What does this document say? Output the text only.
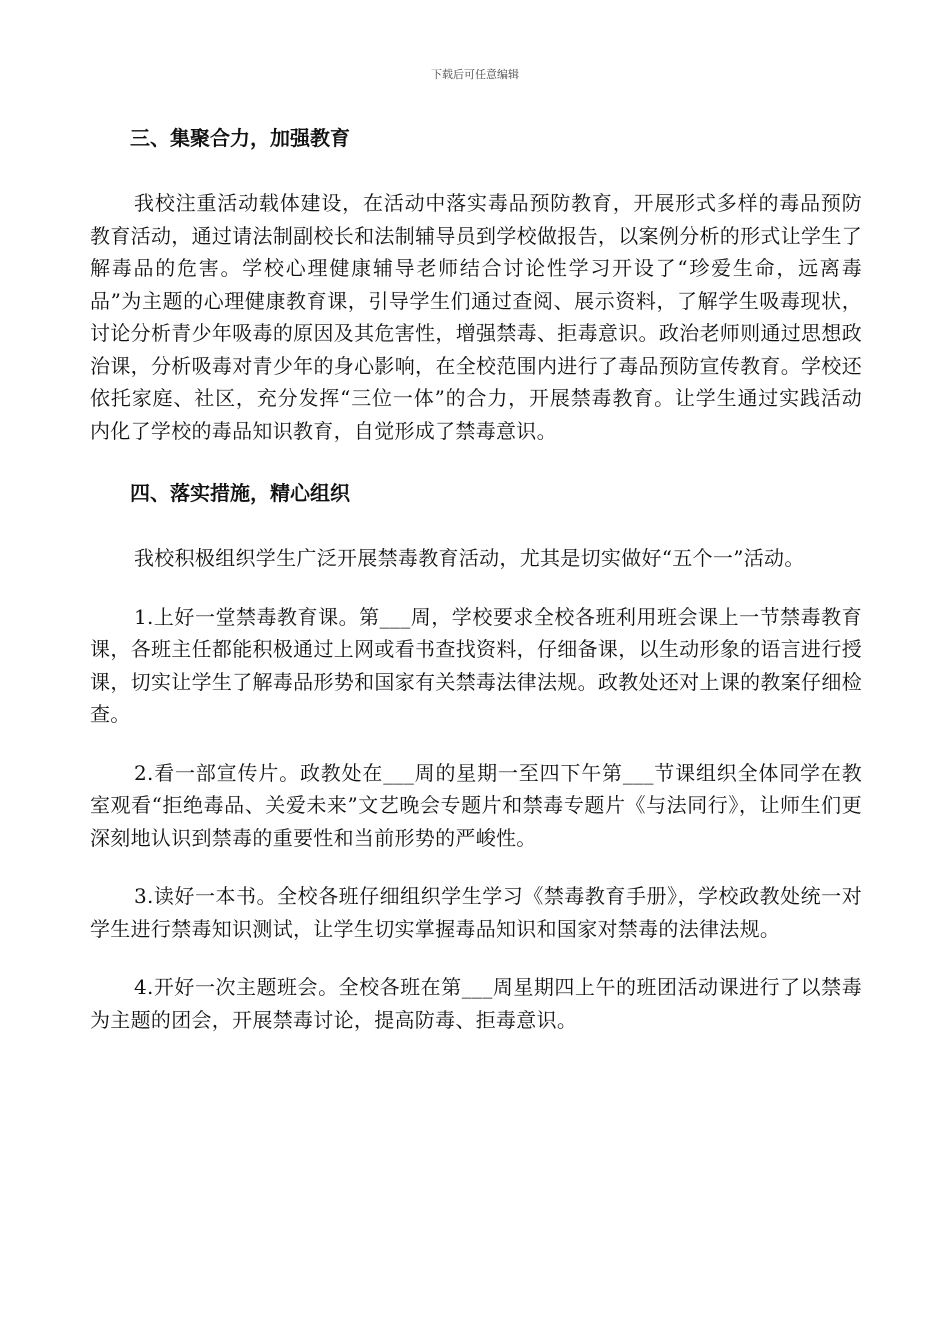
下载后可任意编辑
三、集聚合力，加强教育

我校注重活动载体建设，在活动中落实毒品预防教育，开展形式多样的毒品预防教育活动，通过请法制副校长和法制辅导员到学校做报告，以案例分析的形式让学生了解毒品的危害。学校心理健康辅导老师结合讨论性学习开设了“珍爱生命，远离毒品”为主题的心理健康教育课，引导学生们通过查阅、展示资料，了解学生吸毒现状，讨论分析青少年吸毒的原因及其危害性，增强禁毒、拒毒意识。政治老师则通过思想政治课，分析吸毒对青少年的身心影响，在全校范围内进行了毒品预防宣传教育。学校还依托家庭、社区，充分发挥“三位一体”的合力，开展禁毒教育。让学生通过实践活动内化了学校的毒品知识教育，自觉形成了禁毒意识。

四、落实措施，精心组织

我校积极组织学生广泛开展禁毒教育活动，尤其是切实做好“五个一”活动。

1.上好一堂禁毒教育课。第___周，学校要求全校各班利用班会课上一节禁毒教育课，各班主任都能积极通过上网或看书查找资料，仔细备课，以生动形象的语言进行授课，切实让学生了解毒品形势和国家有关禁毒法律法规。政教处还对上课的教案仔细检查。

2.看一部宣传片。政教处在___周的星期一至四下午第___节课组织全体同学在教室观看“拒绝毒品、关爱未来”文艺晚会专题片和禁毒专题片《与法同行》，让师生们更深刻地认识到禁毒的重要性和当前形势的严峻性。

3.读好一本书。全校各班仔细组织学生学习《禁毒教育手册》，学校政教处统一对学生进行禁毒知识测试，让学生切实掌握毒品知识和国家对禁毒的法律法规。

4.开好一次主题班会。全校各班在第___周星期四上午的班团活动课进行了以禁毒为主题的团会，开展禁毒讨论，提高防毒、拒毒意识。
